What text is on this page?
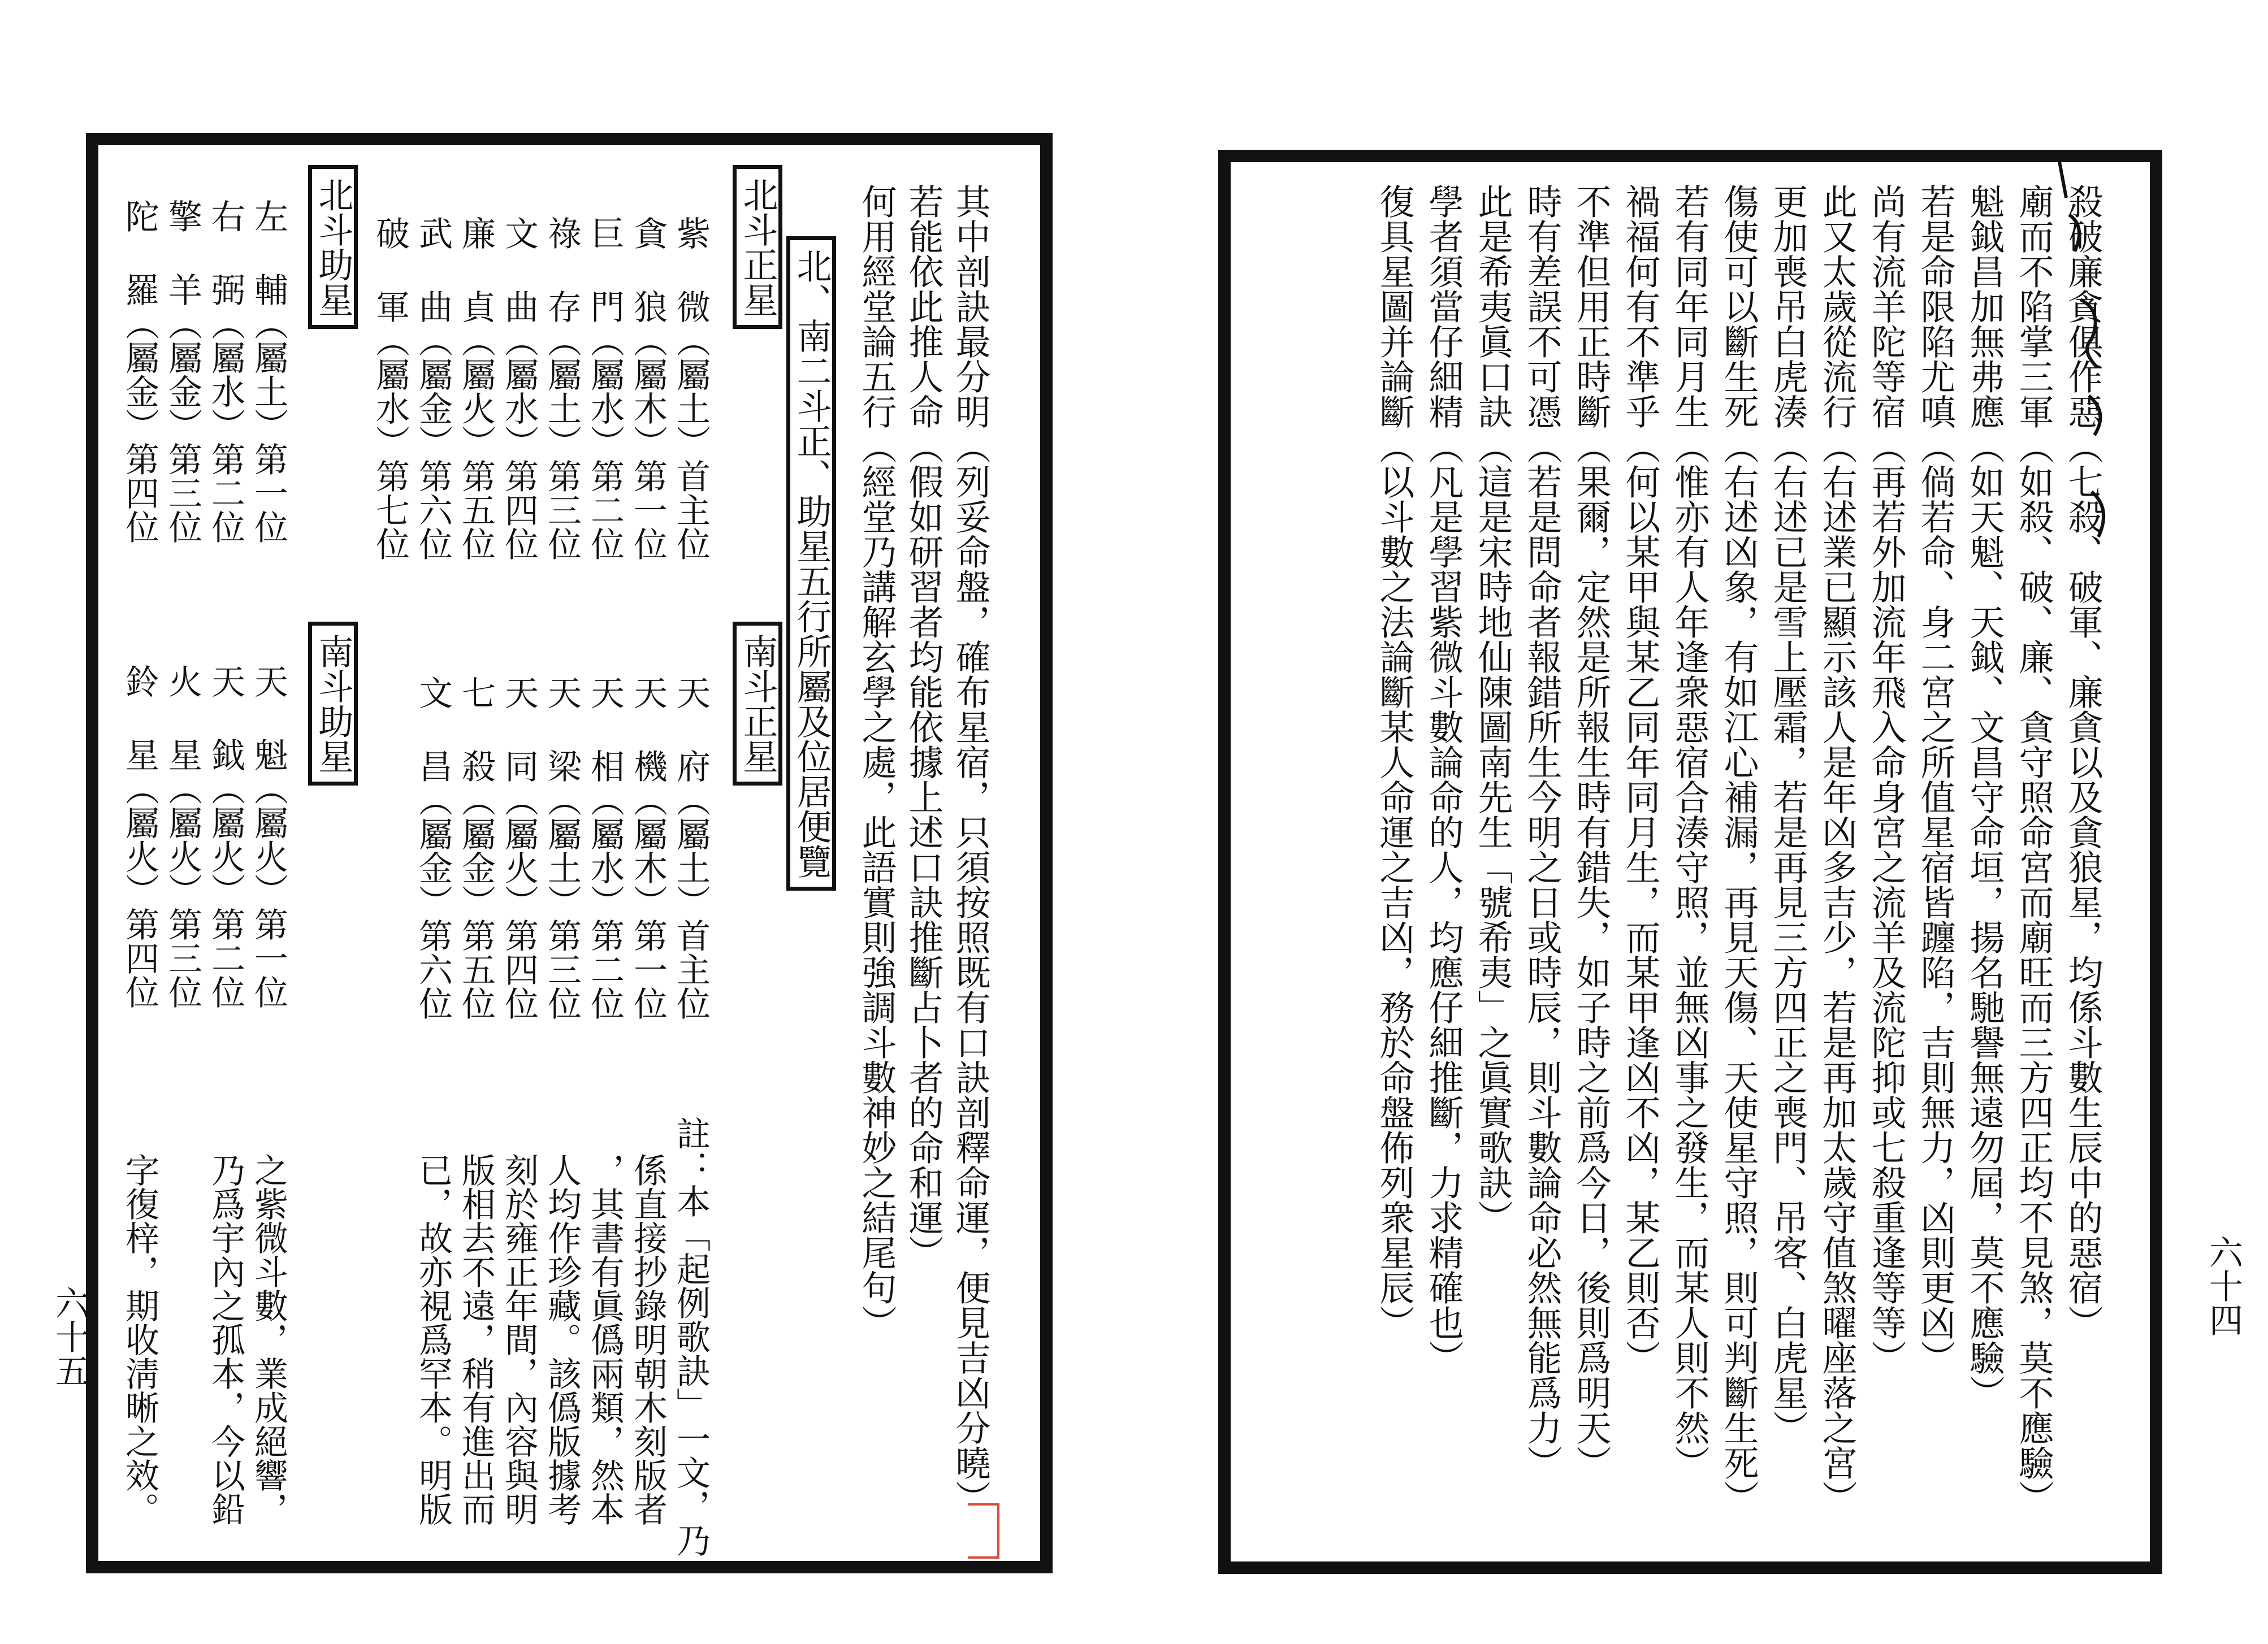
其中剖訣最分明（列妥命盤，確布星宿，只須按照既有口訣剖釋命運，便見吉凶分曉）
若能依此推人命（假如研習者均能依據上述口訣推斷占卜者的命和運）
何用經堂論五行（經堂乃講解玄學之處，此語實則強調斗數神妙之結尾句）
北、南二斗正、助星五行所屬及位居便覽
北斗正星
紫 微（屬土）首主位
貪 狼（屬木）第一位
巨 門（屬水）第二位
祿 存（屬土）第三位
文 曲（屬水）第四位
廉 貞（屬火）第五位
武 曲（屬金）第六位
破 軍（屬水）第七位
北斗助星
左 輔（屬土）第一位
右 弼（屬水）第二位
擎 羊（屬金）第三位
陀 羅（屬金）第四位
南斗正星
天 府（屬土）首主位
天 機（屬木）第一位
天 相（屬水）第二位
天 梁（屬土）第三位
天 同（屬火）第四位
七 殺（屬金）第五位
文 昌（屬金）第六位
南斗助星
天 魁（屬火）第一位
天 鉞（屬火）第二位
火 星（屬火）第三位
鈴 星（屬火）第四位
註：本「起例歌訣」一文，乃
係直接抄錄明朝木刻版者
，其書有眞僞兩類，然本
人均作珍藏。該僞版據考
刻於雍正年間，內容與明
版相去不遠，稍有進出而
已，故亦視爲罕本。明版
之紫微斗數，業成絕響，
乃爲宇內之孤本，今以鉛
字復梓，期收淸晰之效。
六十五	殺破廉貪俱作惡（七殺、破軍、廉貪以及貪狼星，均係斗數生辰中的惡宿）
廟而不陷掌三軍（如殺、破、廉、貪守照命宮而廟旺而三方四正均不見煞，莫不應驗）
魁鉞昌加無弗應（如天魁、天鉞、文昌守命垣，揚名馳譽無遠勿屆，莫不應驗）
若是命限陷尤嗔（倘若命、身二宮之所值星宿皆躔陷，吉則無力，凶則更凶）
尚有流羊陀等宿（再若外加流年飛入命身宮之流羊及流陀抑或七殺重逢等等）
此又太歲從流行（右述業已顯示該人是年凶多吉少，若是再加太歲守值煞曜座落之宮）
更加喪吊白虎湊（右述已是雪上壓霜，若是再見三方四正之喪門、吊客、白虎星）
傷使可以斷生死（右述凶象，有如江心補漏，再見天傷、天使星守照，則可判斷生死）
若有同年同月生（惟亦有人年逢衆惡宿合湊守照，並無凶事之發生，而某人則不然）
禍福何有不準乎（何以某甲與某乙同年同月生，而某甲逢凶不凶，某乙則否）
不準但用正時斷（果爾，定然是所報生時有錯失，如子時之前爲今日，後則爲明天）
時有差誤不可憑（若是問命者報錯所生今明之日或時辰，則斗數論命必然無能爲力）
此是希夷眞口訣（這是宋時地仙陳圖南先生「號希夷」之眞實歌訣）
學者須當仔細精（凡是學習紫微斗數論命的人，均應仔細推斷，力求精確也）
復具星圖并論斷（以斗數之法論斷某人命運之吉凶，務於命盤佈列衆星辰）	六十四
